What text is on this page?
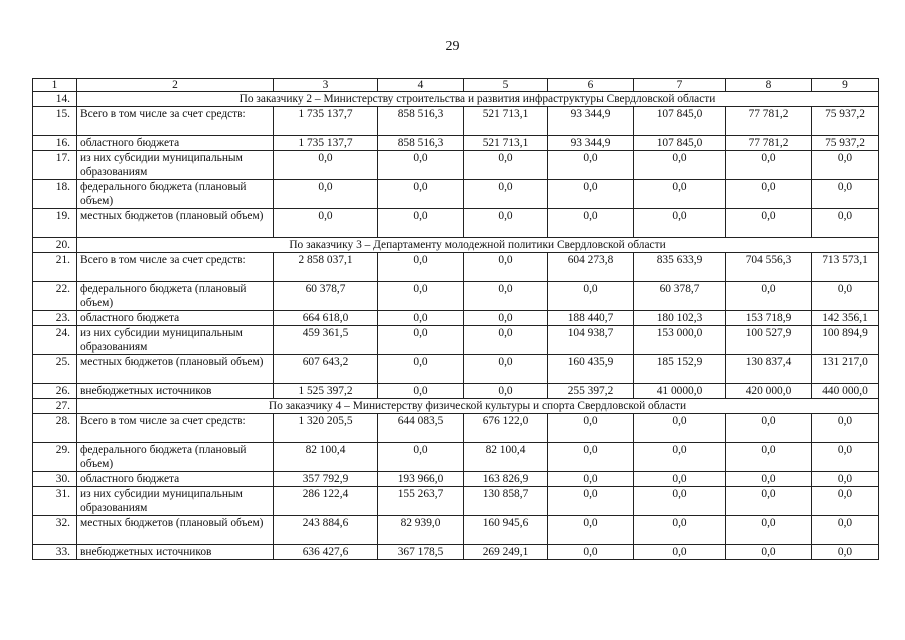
29
1	2	3	4	5	6	7	8	9
14.	По заказчику 2 – Министерству строительства и развития инфраструктуры Свердловской области							
15.	Всего в том числе за счет средств:	1 735 137,7	858 516,3	521 713,1	93 344,9	107 845,0	77 781,2	75 937,2
16.	областного бюджета	1 735 137,7	858 516,3	521 713,1	93 344,9	107 845,0	77 781,2	75 937,2
17.	из них субсидии муниципальным образованиям	0,0	0,0	0,0	0,0	0,0	0,0	0,0
18.	федерального бюджета (плановый объем)	0,0	0,0	0,0	0,0	0,0	0,0	0,0
19.	местных бюджетов (плановый объем)	0,0	0,0	0,0	0,0	0,0	0,0	0,0
20.	По заказчику 3 – Департаменту молодежной политики Свердловской области							
21.	Всего в том числе за счет средств:	2 858 037,1	0,0	0,0	604 273,8	835 633,9	704 556,3	713 573,1
22.	федерального бюджета (плановый объем)	60 378,7	0,0	0,0	0,0	60 378,7	0,0	0,0
23.	областного бюджета	664 618,0	0,0	0,0	188 440,7	180 102,3	153 718,9	142 356,1
24.	из них субсидии муниципальным образованиям	459 361,5	0,0	0,0	104 938,7	153 000,0	100 527,9	100 894,9
25.	местных бюджетов (плановый объем)	607 643,2	0,0	0,0	160 435,9	185 152,9	130 837,4	131 217,0
26.	внебюджетных источников	1 525 397,2	0,0	0,0	255 397,2	41 0000,0	420 000,0	440 000,0
27.	По заказчику 4 – Министерству физической культуры и спорта Свердловской области							
28.	Всего в том числе за счет средств:	1 320 205,5	644 083,5	676 122,0	0,0	0,0	0,0	0,0
29.	федерального бюджета (плановый объем)	82 100,4	0,0	82 100,4	0,0	0,0	0,0	0,0
30.	областного бюджета	357 792,9	193 966,0	163 826,9	0,0	0,0	0,0	0,0
31.	из них субсидии муниципальным образованиям	286 122,4	155 263,7	130 858,7	0,0	0,0	0,0	0,0
32.	местных бюджетов (плановый объем)	243 884,6	82 939,0	160 945,6	0,0	0,0	0,0	0,0
33.	внебюджетных источников	636 427,6	367 178,5	269 249,1	0,0	0,0	0,0	0,0
